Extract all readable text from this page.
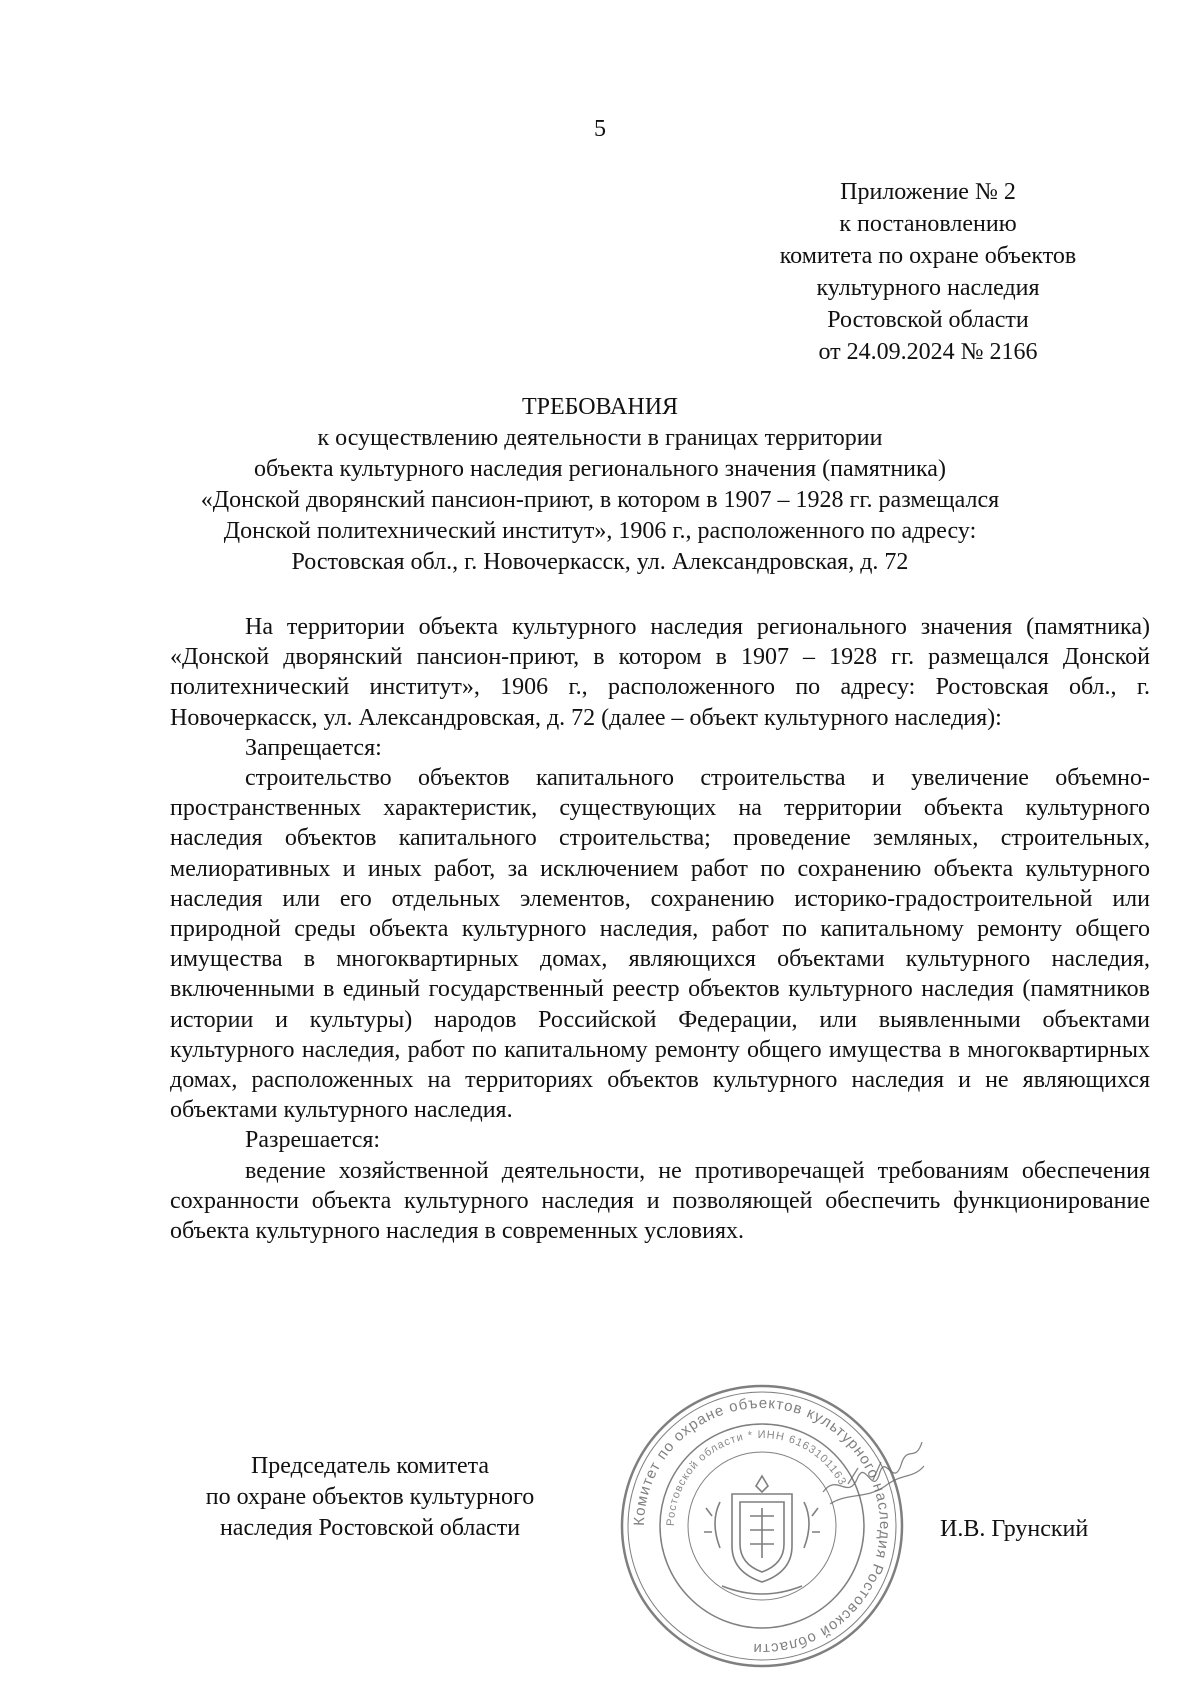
5
Приложение № 2
к постановлению
комитета по охране объектов
культурного наследия
Ростовской области
от 24.09.2024 № 2166
ТРЕБОВАНИЯ
к осуществлению деятельности в границах территории
объекта культурного наследия регионального значения (памятника)
«Донской дворянский пансион-приют, в котором в 1907 – 1928 гг. размещался
Донской политехнический институт», 1906 г., расположенного по адресу:
Ростовская обл., г. Новочеркасск, ул. Александровская, д. 72

На территории объекта культурного наследия регионального значения (памятника) «Донской дворянский пансион-приют, в котором в 1907 – 1928 гг. размещался Донской политехнический институт», 1906 г., расположенного по адресу: Ростовская обл., г. Новочеркасск, ул. Александровская, д. 72 (далее – объект культурного наследия):

Запрещается:

строительство объектов капитального строительства и увеличение объемно-пространственных характеристик, существующих на территории объекта культурного наследия объектов капитального строительства; проведение земляных, строительных, мелиоративных и иных работ, за исключением работ по сохранению объекта культурного наследия или его отдельных элементов, сохранению историко-градостроительной или природной среды объекта культурного наследия, работ по капитальному ремонту общего имущества в многоквартирных домах, являющихся объектами культурного наследия, включенными в единый государственный реестр объектов культурного наследия (памятников истории и культуры) народов Российской Федерации, или выявленными объектами культурного наследия, работ по капитальному ремонту общего имущества в многоквартирных домах, расположенных на территориях объектов культурного наследия и не являющихся объектами культурного наследия.

Разрешается:

ведение хозяйственной деятельности, не противоречащей требованиям обеспечения сохранности объекта культурного наследия и позволяющей обеспечить функционирование объекта культурного наследия в современных условиях.

Председатель комитета
по охране объектов культурного
наследия Ростовской области	Комитет по охране объектов культурного наследия Ростовской области
Ростовской области * ИНН 6163101163
И.В. Грунский
